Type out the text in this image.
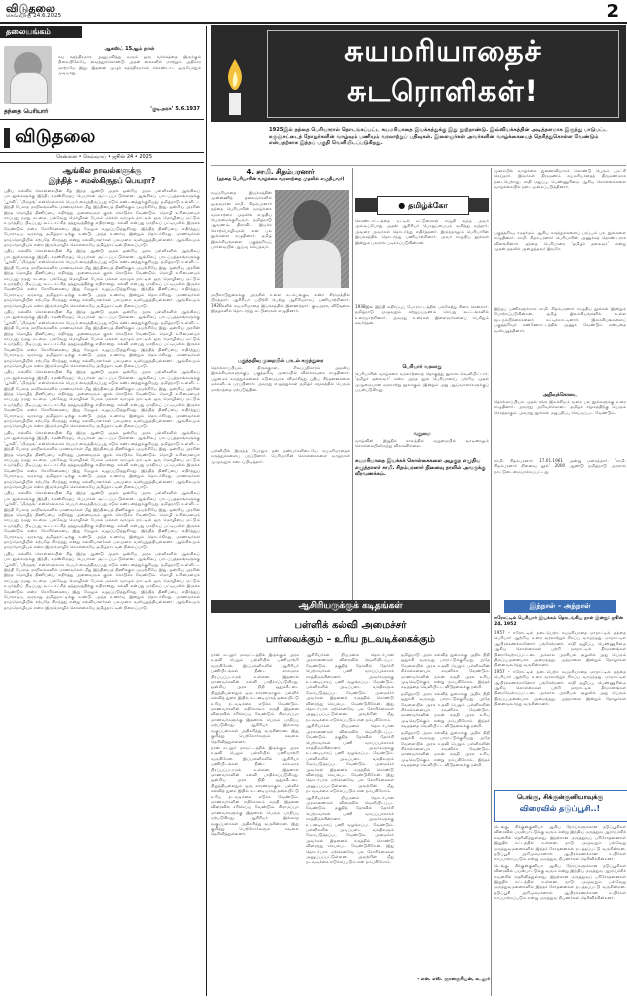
விடுதலை
செவ்வாய் 24.6.2025	2
தலையங்கம்
தந்தை பெரியார்
ஆகஸ்ட் 15ஆம் நாள்
சுய சுதந்திரமாக அனுபவித்து வரும் ஒரு வர்க்கத்தை இருக்கும் நிலையிலேயே வைத்துக்கொண்டு அதன் கைகளில் மாற்றும் அதிகார மாற்றமே இது. இதனை முழுச் சுதந்திரமாகக் கொண்டாட ஒருபோதும் முடியாது.
‘குடிஅரசு’ 5.6.1937
விடுதலை
சென்னை • செவ்வாய் • ஜூன் 24 • 2025
ஆங்கில நாவல்களுக்கு
இந்தித் – சமஸ்கிருதப் பெயரா?

புதிய கல்விக் கொள்கையின் கீழ் இந்த ஆண்டு முதல் ஒன்றிய அரசு பள்ளிகளில் ஆங்கிலப் பாடநூல்களுக்கு இந்தி, சமஸ்கிருதப் பெயர்கள் சூட்டப்பட்டுள்ளன. ஆங்கிலப் பாடப்புத்தகங்களுக்கு ‘பூர்வி’, ‘மிருதங்’ என்றெல்லாம் பெயர் வைத்திருப்பது கடும் கண்டனத்துக்குரியது. தமிழ்நாடு உள்ளிட்ட இந்தி பேசாத மாநிலங்களில் மாணவர்கள் மீது இந்தியைத் திணிக்கும் முயற்சியே இது. ஒன்றிய அரசின் இந்த மொழித் திணிப்பை எதிர்த்து அனைவரும் குரல் கொடுக்க வேண்டும். மொழி உரிமையைக் காப்பது நமது கடமை. பல்வேறு மொழிகள் பேசும் மக்கள் வாழும் நாட்டில் ஒரு மொழியை மட்டும் உயர்த்திப் பிடிப்பது கூட்டாட்சித் தத்துவத்திற்கு எதிரானது. கல்வி என்பது மாநிலப் பட்டியலில் இருக்க வேண்டும் என்ற கோரிக்கையை இது மேலும் வலுப்படுத்துகிறது. இந்தித் திணிப்பை எதிர்த்துப் போராடிய வரலாறு தமிழ்நாட்டிற்கு உண்டு. அந்த உணர்வு இன்றும் தொடர்கிறது. மாணவர்கள் தாய்மொழியில் கற்பதே சிறந்தது என்று கல்வியாளர்கள் பலமுறை வலியுறுத்தியுள்ளனர். ஆங்கிலமும் தாய்மொழியும் என்ற இருமொழிக் கொள்கையே தமிழ்நாட்டின் நிலைப்பாடு.

புதிய கல்விக் கொள்கையின் கீழ் இந்த ஆண்டு முதல் ஒன்றிய அரசு பள்ளிகளில் ஆங்கிலப் பாடநூல்களுக்கு இந்தி, சமஸ்கிருதப் பெயர்கள் சூட்டப்பட்டுள்ளன. ஆங்கிலப் பாடப்புத்தகங்களுக்கு ‘பூர்வி’, ‘மிருதங்’ என்றெல்லாம் பெயர் வைத்திருப்பது கடும் கண்டனத்துக்குரியது. தமிழ்நாடு உள்ளிட்ட இந்தி பேசாத மாநிலங்களில் மாணவர்கள் மீது இந்தியைத் திணிக்கும் முயற்சியே இது. ஒன்றிய அரசின் இந்த மொழித் திணிப்பை எதிர்த்து அனைவரும் குரல் கொடுக்க வேண்டும். மொழி உரிமையைக் காப்பது நமது கடமை. பல்வேறு மொழிகள் பேசும் மக்கள் வாழும் நாட்டில் ஒரு மொழியை மட்டும் உயர்த்திப் பிடிப்பது கூட்டாட்சித் தத்துவத்திற்கு எதிரானது. கல்வி என்பது மாநிலப் பட்டியலில் இருக்க வேண்டும் என்ற கோரிக்கையை இது மேலும் வலுப்படுத்துகிறது. இந்தித் திணிப்பை எதிர்த்துப் போராடிய வரலாறு தமிழ்நாட்டிற்கு உண்டு. அந்த உணர்வு இன்றும் தொடர்கிறது. மாணவர்கள் தாய்மொழியில் கற்பதே சிறந்தது என்று கல்வியாளர்கள் பலமுறை வலியுறுத்தியுள்ளனர். ஆங்கிலமும் தாய்மொழியும் என்ற இருமொழிக் கொள்கையே தமிழ்நாட்டின் நிலைப்பாடு.

புதிய கல்விக் கொள்கையின் கீழ் இந்த ஆண்டு முதல் ஒன்றிய அரசு பள்ளிகளில் ஆங்கிலப் பாடநூல்களுக்கு இந்தி, சமஸ்கிருதப் பெயர்கள் சூட்டப்பட்டுள்ளன. ஆங்கிலப் பாடப்புத்தகங்களுக்கு ‘பூர்வி’, ‘மிருதங்’ என்றெல்லாம் பெயர் வைத்திருப்பது கடும் கண்டனத்துக்குரியது. தமிழ்நாடு உள்ளிட்ட இந்தி பேசாத மாநிலங்களில் மாணவர்கள் மீது இந்தியைத் திணிக்கும் முயற்சியே இது. ஒன்றிய அரசின் இந்த மொழித் திணிப்பை எதிர்த்து அனைவரும் குரல் கொடுக்க வேண்டும். மொழி உரிமையைக் காப்பது நமது கடமை. பல்வேறு மொழிகள் பேசும் மக்கள் வாழும் நாட்டில் ஒரு மொழியை மட்டும் உயர்த்திப் பிடிப்பது கூட்டாட்சித் தத்துவத்திற்கு எதிரானது. கல்வி என்பது மாநிலப் பட்டியலில் இருக்க வேண்டும் என்ற கோரிக்கையை இது மேலும் வலுப்படுத்துகிறது. இந்தித் திணிப்பை எதிர்த்துப் போராடிய வரலாறு தமிழ்நாட்டிற்கு உண்டு. அந்த உணர்வு இன்றும் தொடர்கிறது. மாணவர்கள் தாய்மொழியில் கற்பதே சிறந்தது என்று கல்வியாளர்கள் பலமுறை வலியுறுத்தியுள்ளனர். ஆங்கிலமும் தாய்மொழியும் என்ற இருமொழிக் கொள்கையே தமிழ்நாட்டின் நிலைப்பாடு.

புதிய கல்விக் கொள்கையின் கீழ் இந்த ஆண்டு முதல் ஒன்றிய அரசு பள்ளிகளில் ஆங்கிலப் பாடநூல்களுக்கு இந்தி, சமஸ்கிருதப் பெயர்கள் சூட்டப்பட்டுள்ளன. ஆங்கிலப் பாடப்புத்தகங்களுக்கு ‘பூர்வி’, ‘மிருதங்’ என்றெல்லாம் பெயர் வைத்திருப்பது கடும் கண்டனத்துக்குரியது. தமிழ்நாடு உள்ளிட்ட இந்தி பேசாத மாநிலங்களில் மாணவர்கள் மீது இந்தியைத் திணிக்கும் முயற்சியே இது. ஒன்றிய அரசின் இந்த மொழித் திணிப்பை எதிர்த்து அனைவரும் குரல் கொடுக்க வேண்டும். மொழி உரிமையைக் காப்பது நமது கடமை. பல்வேறு மொழிகள் பேசும் மக்கள் வாழும் நாட்டில் ஒரு மொழியை மட்டும் உயர்த்திப் பிடிப்பது கூட்டாட்சித் தத்துவத்திற்கு எதிரானது. கல்வி என்பது மாநிலப் பட்டியலில் இருக்க வேண்டும் என்ற கோரிக்கையை இது மேலும் வலுப்படுத்துகிறது. இந்தித் திணிப்பை எதிர்த்துப் போராடிய வரலாறு தமிழ்நாட்டிற்கு உண்டு. அந்த உணர்வு இன்றும் தொடர்கிறது. மாணவர்கள் தாய்மொழியில் கற்பதே சிறந்தது என்று கல்வியாளர்கள் பலமுறை வலியுறுத்தியுள்ளனர். ஆங்கிலமும் தாய்மொழியும் என்ற இருமொழிக் கொள்கையே தமிழ்நாட்டின் நிலைப்பாடு.

புதிய கல்விக் கொள்கையின் கீழ் இந்த ஆண்டு முதல் ஒன்றிய அரசு பள்ளிகளில் ஆங்கிலப் பாடநூல்களுக்கு இந்தி, சமஸ்கிருதப் பெயர்கள் சூட்டப்பட்டுள்ளன. ஆங்கிலப் பாடப்புத்தகங்களுக்கு ‘பூர்வி’, ‘மிருதங்’ என்றெல்லாம் பெயர் வைத்திருப்பது கடும் கண்டனத்துக்குரியது. தமிழ்நாடு உள்ளிட்ட இந்தி பேசாத மாநிலங்களில் மாணவர்கள் மீது இந்தியைத் திணிக்கும் முயற்சியே இது. ஒன்றிய அரசின் இந்த மொழித் திணிப்பை எதிர்த்து அனைவரும் குரல் கொடுக்க வேண்டும். மொழி உரிமையைக் காப்பது நமது கடமை. பல்வேறு மொழிகள் பேசும் மக்கள் வாழும் நாட்டில் ஒரு மொழியை மட்டும் உயர்த்திப் பிடிப்பது கூட்டாட்சித் தத்துவத்திற்கு எதிரானது. கல்வி என்பது மாநிலப் பட்டியலில் இருக்க வேண்டும் என்ற கோரிக்கையை இது மேலும் வலுப்படுத்துகிறது. இந்தித் திணிப்பை எதிர்த்துப் போராடிய வரலாறு தமிழ்நாட்டிற்கு உண்டு. அந்த உணர்வு இன்றும் தொடர்கிறது. மாணவர்கள் தாய்மொழியில் கற்பதே சிறந்தது என்று கல்வியாளர்கள் பலமுறை வலியுறுத்தியுள்ளனர். ஆங்கிலமும் தாய்மொழியும் என்ற இருமொழிக் கொள்கையே தமிழ்நாட்டின் நிலைப்பாடு.

புதிய கல்விக் கொள்கையின் கீழ் இந்த ஆண்டு முதல் ஒன்றிய அரசு பள்ளிகளில் ஆங்கிலப் பாடநூல்களுக்கு இந்தி, சமஸ்கிருதப் பெயர்கள் சூட்டப்பட்டுள்ளன. ஆங்கிலப் பாடப்புத்தகங்களுக்கு ‘பூர்வி’, ‘மிருதங்’ என்றெல்லாம் பெயர் வைத்திருப்பது கடும் கண்டனத்துக்குரியது. தமிழ்நாடு உள்ளிட்ட இந்தி பேசாத மாநிலங்களில் மாணவர்கள் மீது இந்தியைத் திணிக்கும் முயற்சியே இது. ஒன்றிய அரசின் இந்த மொழித் திணிப்பை எதிர்த்து அனைவரும் குரல் கொடுக்க வேண்டும். மொழி உரிமையைக் காப்பது நமது கடமை. பல்வேறு மொழிகள் பேசும் மக்கள் வாழும் நாட்டில் ஒரு மொழியை மட்டும் உயர்த்திப் பிடிப்பது கூட்டாட்சித் தத்துவத்திற்கு எதிரானது. கல்வி என்பது மாநிலப் பட்டியலில் இருக்க வேண்டும் என்ற கோரிக்கையை இது மேலும் வலுப்படுத்துகிறது. இந்தித் திணிப்பை எதிர்த்துப் போராடிய வரலாறு தமிழ்நாட்டிற்கு உண்டு. அந்த உணர்வு இன்றும் தொடர்கிறது. மாணவர்கள் தாய்மொழியில் கற்பதே சிறந்தது என்று கல்வியாளர்கள் பலமுறை வலியுறுத்தியுள்ளனர். ஆங்கிலமும் தாய்மொழியும் என்ற இருமொழிக் கொள்கையே தமிழ்நாட்டின் நிலைப்பாடு.

புதிய கல்விக் கொள்கையின் கீழ் இந்த ஆண்டு முதல் ஒன்றிய அரசு பள்ளிகளில் ஆங்கிலப் பாடநூல்களுக்கு இந்தி, சமஸ்கிருதப் பெயர்கள் சூட்டப்பட்டுள்ளன. ஆங்கிலப் பாடப்புத்தகங்களுக்கு ‘பூர்வி’, ‘மிருதங்’ என்றெல்லாம் பெயர் வைத்திருப்பது கடும் கண்டனத்துக்குரியது. தமிழ்நாடு உள்ளிட்ட இந்தி பேசாத மாநிலங்களில் மாணவர்கள் மீது இந்தியைத் திணிக்கும் முயற்சியே இது. ஒன்றிய அரசின் இந்த மொழித் திணிப்பை எதிர்த்து அனைவரும் குரல் கொடுக்க வேண்டும். மொழி உரிமையைக் காப்பது நமது கடமை. பல்வேறு மொழிகள் பேசும் மக்கள் வாழும் நாட்டில் ஒரு மொழியை மட்டும் உயர்த்திப் பிடிப்பது கூட்டாட்சித் தத்துவத்திற்கு எதிரானது. கல்வி என்பது மாநிலப் பட்டியலில் இருக்க வேண்டும் என்ற கோரிக்கையை இது மேலும் வலுப்படுத்துகிறது. இந்தித் திணிப்பை எதிர்த்துப் போராடிய வரலாறு தமிழ்நாட்டிற்கு உண்டு. அந்த உணர்வு இன்றும் தொடர்கிறது. மாணவர்கள் தாய்மொழியில் கற்பதே சிறந்தது என்று கல்வியாளர்கள் பலமுறை வலியுறுத்தியுள்ளனர். ஆங்கிலமும் தாய்மொழியும் என்ற இருமொழிக் கொள்கையே தமிழ்நாட்டின் நிலைப்பாடு.

சுயமரியாதைச்
சுடரொளிகள்!
1925இல் தந்தை பெரியாரால் தொடங்கப்பட்ட சுயமரியாதை இயக்கத்துக்கு இது நூற்றாண்டு. இவ்வியக்கத்தின் அடித்தளமாக இருந்து பாடுபட்ட கருஞ்சட்டைத் தோழர்களின் வாழ்வும் பணியும் வரலாற்றுப் பதிவுகள். இளைஞர்கள் அவர்களின் வாழ்க்கையைத் தெரிந்துகொள்ள வேண்டும் என்பதற்காக இந்தப் பகுதி வெளியிடப்படுகிறது.
4. சாமி. சிதம்பரனார்
(தந்தை பெரியாரின் வாழ்க்கை வரலாற்றை முதலில் எழுதியவர்)
சுயமரியாதை இயக்கத்தின் முன்னணித் தலைவர்களில் ஒருவரான சாமி. சிதம்பரனார் தந்தை பெரியாரின் வாழ்க்கை வரலாற்றை முதலில் எழுதிய பெருமைக்குரியவர். தமிழ்நாடு ஆவணம், திராவிட இயக்க சொற்பொழிவுகள் என பல நூல்களை எழுதினார். தமிழ் இலக்கியங்களை பகுத்தறிவுப் பார்வையில் ஆய்வு செய்தவர்.
மயிலாடுதுறைக்கு அருகில் உள்ள கடம்பங்குடி என்ற கிராமத்தில் பிறந்தார். ஆசிரியர் பயிற்சி பெற்று ஆசிரியராகப் பணியாற்றினார். 1920களில் சுயமரியாதை இயக்கத்தில் இணைந்தார். குடிஅரசு, விடுதலை இதழ்களில் தொடர்ந்து கட்டுரைகள் எழுதினார்.
பகுத்தறிவு முறையில் பாடல் கருத்துரை
தொல்காப்பியம், திருக்குறள், சிலப்பதிகாரம் முதலிய இலக்கியங்களுக்குப் பகுத்தறிவு முறையில் விளக்கவுரை எழுதினார். பழமைக் கருத்துக்களைக் கடுமையாக விமர்சித்து புதிய சிந்தனைகளை மக்களிடம் பரப்பினார். அவரது எழுத்துக்கள் தமிழ்ச் சமூகத்தில் பெரும் மாற்றத்தை ஏற்படுத்தின.
பள்ளியில் இருந்த போதும் தன் நண்பர்களிடையே சுயமரியாதைக் கருத்துக்களைப் பரப்பினார். பெரியாரின் கொள்கைகளை வாழ்நாள் முழுவதும் கடைப்பிடித்தார்.
● தமிழ்க்கோ
கொண்டாட்டத்தை ஏட்டில் கட்டுரைகள் எழுதி வந்த அவர் அவ்வப்போது அதன் ஆசிரியர் பொறுப்பையும் வகித்து வந்தார். அவரை அவர்கள் தொடர்ந்து எதிர்த்தனர். இருந்தாலும் பெரியாரின் இயக்கத்தில் தொடர்ந்து பணியாற்றினார். அவர் எழுதிய நூல்கள் இன்றும் பலரால் படிக்கப்படுகின்றன.
1938இல் இந்தி எதிர்ப்புப் போராட்டத்தில் பங்கேற்று சிறை சென்றார். தமிழ்நாடு முழுவதும் சுற்றுப்பயணம் செய்து கூட்டங்களில் உரையாற்றினார். அவரது உரைகள் இளைஞர்களைப் பெரிதும் கவர்ந்தன.
பெரியார் வரலாறு
பெரியாரின் வாழ்க்கை வரலாற்றைத் தொகுத்து நூலாக வெளியிட்டார். ‘தமிழர் தலைவர்’ என்ற அந்த நூல் பெரியாரைப் பற்றிய முதல் முழுமையான வரலாற்று நூலாகும். இன்றும் அது ஆய்வாளர்களுக்குப் பயன்படுகிறது.
வறுமை
வாழ்வின் இறுதிக் காலத்தில் வறுமையில் வாடினாலும் கொள்கையிலிருந்து விலகவில்லை.
சுயமரியாதை இயக்கக் கொள்கைகளை அழகுற எழுதிய எழுத்தாளர் சாமி. சிதம்பரனார் நினைவு நாளில் அவருக்கு வீரவணக்கம்.
முறையில் வாழ்க்கை துணைவியாகக் கொண்டு பெரும் புரட்சி செய்தார். இவர்கள் திருமணம் சுயமரியாதைத் திருமணமாக நடைபெற்றது. சாதி மறுப்பு, பெண்ணுரிமை ஆகிய கொள்கைகளை வாழ்க்கையில் நடைமுறைப்படுத்தினார்.
பகுத்தறிவு, சமதர்மம் ஆகிய கருத்துக்களைப் பரப்பும் பல நூல்களை எழுதினார். சாமி. சிதம்பரனார் பெரியாரின் அணுக்கத் தொண்டராக விளங்கினார். தந்தை பெரியாரை ‘தமிழர் தலைவர்’ என்று முதன்முதலில் அழைத்தவர் இவரே.
இந்தப் பணிகளுக்காக சாமி. சிதம்பரனார் எழுதிய நூல்கள் இன்றும் போற்றப்படுகின்றன. தமிழ் இலக்கியங்களில் உள்ள மூடநம்பிக்கைகளைச் சுட்டிக்காட்டினார். இலக்கியங்களைப் பகுத்தறிவுக் கண்ணோட்டத்தில் அணுக வேண்டும் என்பதை வலியுறுத்தினார்.
அறிவுக்கொடை
தொல்காப்பியம் முதல் சங்க இலக்கியம் வரை பல நூல்களுக்கு உரை எழுதினார். அவரது அறிவுக்கொடை தமிழ்ச் சமூகத்திற்கு பெரும் சொத்தாகும். அவரது நூல்கள் மறுபதிப்பு செய்யப்பட வேண்டும்.
சாமி. சிதம்பரனார் 17.01.1961 அன்று மறைந்தார். ‘சாமி. சிதம்பரனார் நினைவு நூல்’ 2000 ஆண்டு தமிழ்நாடு அரசால் நாட்டுடைமையாக்கப்பட்டது.
இந்நாள் – அந்நாள்
ஈரோட்டில் பெரியார் இயக்கம் தொடங்கிய நாள் இன்று: ஜூன் 24, 1952

1957 – ஈரோட்டில் நடைபெற்ற சுயமரியாதை மாநாட்டில் தந்தை பெரியார் ஆற்றிய உரை வரலாற்றுச் சிறப்பு வாய்ந்தது. மாநாட்டில் ஆயிரக்கணக்கானோர் பங்கேற்றனர். சாதி ஒழிப்பு, பெண்ணுரிமை ஆகிய கொள்கைகள் பற்றி மாநாட்டில் தீர்மானங்கள் நிறைவேற்றப்பட்டன. அக்கால அரசியல் சூழலில் அது பெரும் திருப்புமுனையாக அமைந்தது. அந்நாளை இன்றும் தோழர்கள் நினைவுகூர்ந்து வருகின்றனர்.

1957 – ஈரோட்டில் நடைபெற்ற சுயமரியாதை மாநாட்டில் தந்தை பெரியார் ஆற்றிய உரை வரலாற்றுச் சிறப்பு வாய்ந்தது. மாநாட்டில் ஆயிரக்கணக்கானோர் பங்கேற்றனர். சாதி ஒழிப்பு, பெண்ணுரிமை ஆகிய கொள்கைகள் பற்றி மாநாட்டில் தீர்மானங்கள் நிறைவேற்றப்பட்டன. அக்கால அரசியல் சூழலில் அது பெரும் திருப்புமுனையாக அமைந்தது. அந்நாளை இன்றும் தோழர்கள் நினைவுகூர்ந்து வருகின்றனர்.

ஆசிரியருக்குக் கடிதங்கள்
பள்ளிக் கல்வி அமைச்சர்
பார்வைக்கும் – உரிய நடவடிக்கைக்கும்

நான் கடலூர் மாவட்டத்தில் இருக்கும் அரசு உதவி பெறும் பள்ளியில் பணியாற்றி வருகிறேன். இப்பள்ளிகளில் ஆசிரியர் பணியிடங்கள் நீண்ட காலமாக நிரப்பப்படாமல் உள்ளன. இதனால் மாணவர்களின் கல்வி பாதிக்கப்படுகிறது. ஒன்றிய அரசு நிதி ஒதுக்கீட்டை நிறுத்தியுள்ளதும் ஒரு காரணமாகும். பள்ளிக் கல்வித் துறை இதில் உடனடியாகத் தலையிட்டு உரிய நடவடிக்கை எடுக்க வேண்டும். மாணவர்களின் எதிர்காலம் கருதி இதனை விரைவில் சரிசெய்ய வேண்டும். கிராமப்புற மாணவர்களுக்கு இதனால் பெரும் பாதிப்பு ஏற்படுகிறது. ஆசிரியர் இல்லாத வகுப்பறைகள் அதிகரித்து வருகின்றன. இது குறித்து பெற்றோர்களும் கவலை தெரிவித்துள்ளனர்.

நான் கடலூர் மாவட்டத்தில் இருக்கும் அரசு உதவி பெறும் பள்ளியில் பணியாற்றி வருகிறேன். இப்பள்ளிகளில் ஆசிரியர் பணியிடங்கள் நீண்ட காலமாக நிரப்பப்படாமல் உள்ளன. இதனால் மாணவர்களின் கல்வி பாதிக்கப்படுகிறது. ஒன்றிய அரசு நிதி ஒதுக்கீட்டை நிறுத்தியுள்ளதும் ஒரு காரணமாகும். பள்ளிக் கல்வித் துறை இதில் உடனடியாகத் தலையிட்டு உரிய நடவடிக்கை எடுக்க வேண்டும். மாணவர்களின் எதிர்காலம் கருதி இதனை விரைவில் சரிசெய்ய வேண்டும். கிராமப்புற மாணவர்களுக்கு இதனால் பெரும் பாதிப்பு ஏற்படுகிறது. ஆசிரியர் இல்லாத வகுப்பறைகள் அதிகரித்து வருகின்றன. இது குறித்து பெற்றோர்களும் கவலை தெரிவித்துள்ளனர்.

ஆசிரியர்கள் நியமனம் தொடர்பான அரசாணைகள் விரைவில் வெளியிடப்பட வேண்டும். தகுதித் தேர்வில் தேர்ச்சி பெற்றவர்கள் பணி வாய்ப்புக்காகக் காத்திருக்கின்றனர். அவர்களுக்கு உடனடியாகப் பணி வழங்கப்பட வேண்டும். பள்ளிகளில் அடிப்படை வசதிகளும் மேம்படுத்தப்பட வேண்டும். அமைச்சர் அவர்கள் இதனைக் கருத்தில் கொண்டு விரைந்து செயல்பட வேண்டுகிறேன். இது தொடர்பாக ஏற்கெனவே பல கோரிக்கைகள் அனுப்பப்பட்டுள்ளன. அவற்றின் மீது நடவடிக்கை எடுக்கப்படும் என நம்புகிறோம்.

ஆசிரியர்கள் நியமனம் தொடர்பான அரசாணைகள் விரைவில் வெளியிடப்பட வேண்டும். தகுதித் தேர்வில் தேர்ச்சி பெற்றவர்கள் பணி வாய்ப்புக்காகக் காத்திருக்கின்றனர். அவர்களுக்கு உடனடியாகப் பணி வழங்கப்பட வேண்டும். பள்ளிகளில் அடிப்படை வசதிகளும் மேம்படுத்தப்பட வேண்டும். அமைச்சர் அவர்கள் இதனைக் கருத்தில் கொண்டு விரைந்து செயல்பட வேண்டுகிறேன். இது தொடர்பாக ஏற்கெனவே பல கோரிக்கைகள் அனுப்பப்பட்டுள்ளன. அவற்றின் மீது நடவடிக்கை எடுக்கப்படும் என நம்புகிறோம்.

ஆசிரியர்கள் நியமனம் தொடர்பான அரசாணைகள் விரைவில் வெளியிடப்பட வேண்டும். தகுதித் தேர்வில் தேர்ச்சி பெற்றவர்கள் பணி வாய்ப்புக்காகக் காத்திருக்கின்றனர். அவர்களுக்கு உடனடியாகப் பணி வழங்கப்பட வேண்டும். பள்ளிகளில் அடிப்படை வசதிகளும் மேம்படுத்தப்பட வேண்டும். அமைச்சர் அவர்கள் இதனைக் கருத்தில் கொண்டு விரைந்து செயல்பட வேண்டுகிறேன். இது தொடர்பாக ஏற்கெனவே பல கோரிக்கைகள் அனுப்பப்பட்டுள்ளன. அவற்றின் மீது நடவடிக்கை எடுக்கப்படும் என நம்புகிறோம்.

தமிழ்நாடு அரசு கல்வித் துறைக்கு அதிக நிதி ஒதுக்கி வருவது பாராட்டுக்குரியது. அதே வேளையில் அரசு உதவி பெறும் பள்ளிகளின் சிக்கல்களையும் கவனிக்க வேண்டும். மாணவர்களின் நலன் கருதி அரசு உரிய முடிவெடுக்கும் என்று நம்புகிறோம். இந்தக் கடிதத்தை வெளியிட்ட விடுதலைக்கு நன்றி.

தமிழ்நாடு அரசு கல்வித் துறைக்கு அதிக நிதி ஒதுக்கி வருவது பாராட்டுக்குரியது. அதே வேளையில் அரசு உதவி பெறும் பள்ளிகளின் சிக்கல்களையும் கவனிக்க வேண்டும். மாணவர்களின் நலன் கருதி அரசு உரிய முடிவெடுக்கும் என்று நம்புகிறோம். இந்தக் கடிதத்தை வெளியிட்ட விடுதலைக்கு நன்றி.

தமிழ்நாடு அரசு கல்வித் துறைக்கு அதிக நிதி ஒதுக்கி வருவது பாராட்டுக்குரியது. அதே வேளையில் அரசு உதவி பெறும் பள்ளிகளின் சிக்கல்களையும் கவனிக்க வேண்டும். மாணவர்களின் நலன் கருதி அரசு உரிய முடிவெடுக்கும் என்று நம்புகிறோம். இந்தக் கடிதத்தை வெளியிட்ட விடுதலைக்கு நன்றி.

– என். எஸ். ஞானசூரியன், கடலூர்
பெங்கு, சிக்குன்குனியாவுக்கு
விரைவில் தடுப்பூசி..!

டெங்கு, சிக்குன்குனியா ஆகிய நோய்களுக்கான தடுப்பூசிகள் விரைவில் பயன்பாட்டுக்கு வரும் என்று இந்திய மருத்துவ ஆராய்ச்சிக் கவுன்சில் தெரிவித்துள்ளது. இதற்கான மருத்துவப் பரிசோதனைகள் இறுதிக் கட்டத்தில் உள்ளன. நாடு முழுவதும் பல்வேறு மருத்துவமனைகளில் இந்தச் சோதனைகள் நடத்தப்பட்டு வருகின்றன. தடுப்பூசி அறிமுகமானால் ஆயிரக்கணக்கான உயிர்கள் காப்பாற்றப்படும் என்று மருத்துவ நிபுணர்கள் தெரிவிக்கின்றனர்.

டெங்கு, சிக்குன்குனியா ஆகிய நோய்களுக்கான தடுப்பூசிகள் விரைவில் பயன்பாட்டுக்கு வரும் என்று இந்திய மருத்துவ ஆராய்ச்சிக் கவுன்சில் தெரிவித்துள்ளது. இதற்கான மருத்துவப் பரிசோதனைகள் இறுதிக் கட்டத்தில் உள்ளன. நாடு முழுவதும் பல்வேறு மருத்துவமனைகளில் இந்தச் சோதனைகள் நடத்தப்பட்டு வருகின்றன. தடுப்பூசி அறிமுகமானால் ஆயிரக்கணக்கான உயிர்கள் காப்பாற்றப்படும் என்று மருத்துவ நிபுணர்கள் தெரிவிக்கின்றனர்.
